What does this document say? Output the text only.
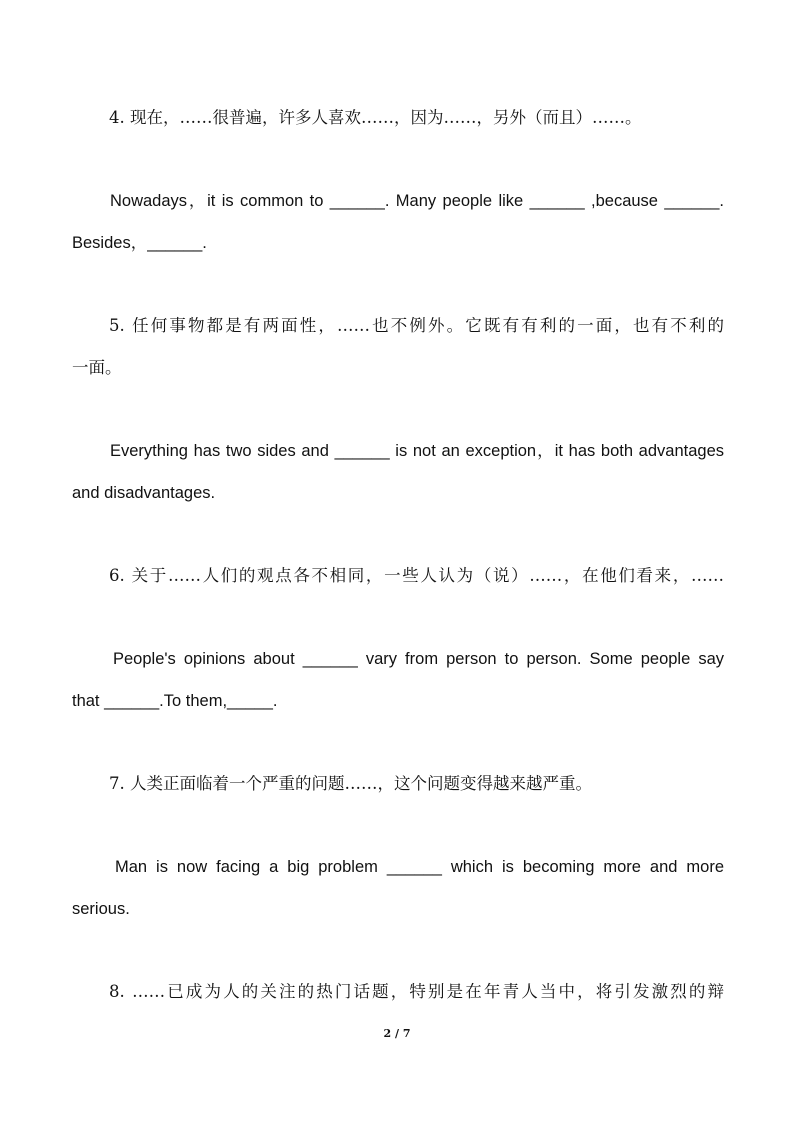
4. 现在，……很普遍，许多人喜欢……，因为……，另外（而且）……。
Nowadays，it is common to ______. Many people like ______ ,because ______.
Besides，______.
5. 任何事物都是有两面性，……也不例外。它既有有利的一面，也有不利的
一面。
Everything has two sides and ______ is not an exception，it has both advantages
and disadvantages.
6. 关于……人们的观点各不相同，一些人认为（说）……，在他们看来，……
People's opinions about ______ vary from person to person. Some people say
that ______.To them,_____.
7. 人类正面临着一个严重的问题……，这个问题变得越来越严重。
Man is now facing a big problem ______ which is becoming more and more
serious.
8. ……已成为人的关注的热门话题，特别是在年青人当中，将引发激烈的辩
2 / 7
